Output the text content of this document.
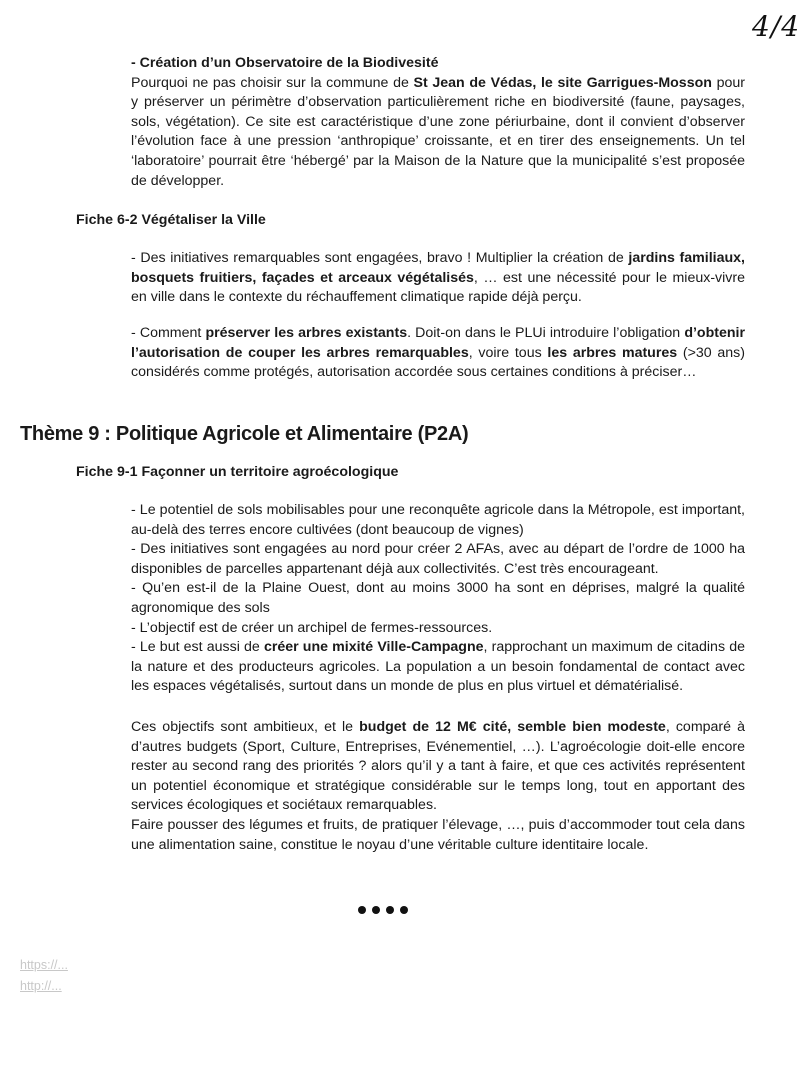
4/4

- Création d’un Observatoire de la Biodivesité

Pourquoi ne pas choisir sur la commune de St Jean de Védas, le site Garrigues-Mosson pour y préserver un périmètre d’observation particulièrement riche en biodiversité (faune, paysages, sols, végétation). Ce site est caractéristique d’une zone périurbaine, dont il convient d’observer l’évolution face à une pression ‘anthropique’ croissante, et en tirer des enseignements. Un tel ‘laboratoire’ pourrait être ‘hébergé’ par la Maison de la Nature que la municipalité s’est proposée de développer.

Fiche 6-2 Végétaliser la Ville

- Des initiatives remarquables sont engagées, bravo ! Multiplier la création de jardins familiaux, bosquets fruitiers, façades et arceaux végétalisés, … est une nécessité pour le mieux-vivre en ville dans le contexte du réchauffement climatique rapide déjà perçu.

- Comment préserver les arbres existants. Doit-on dans le PLUi introduire l’obligation d’obtenir l’autorisation de couper les arbres remarquables, voire tous les arbres matures (>30 ans) considérés comme protégés, autorisation accordée sous certaines conditions à préciser…

Thème 9 : Politique Agricole et Alimentaire (P2A)
Fiche 9-1 Façonner un territoire agroécologique

- Le potentiel de sols mobilisables pour une reconquête agricole dans la Métropole, est important, au-delà des terres encore cultivées (dont beaucoup de vignes)

- Des initiatives sont engagées au nord pour créer 2 AFAs, avec au départ de l’ordre de 1000 ha disponibles de parcelles appartenant déjà aux collectivités. C’est très encourageant.

- Qu’en est-il de la Plaine Ouest, dont au moins 3000 ha sont en déprises, malgré la qualité agronomique des sols

- L’objectif est de créer un archipel de fermes-ressources.

- Le but est aussi de créer une mixité Ville-Campagne, rapprochant un maximum de citadins de la nature et des producteurs agricoles. La population a un besoin fondamental de contact avec les espaces végétalisés, surtout dans un monde de plus en plus virtuel et dématérialisé.

Ces objectifs sont ambitieux, et le budget de 12 M€ cité, semble bien modeste, comparé à d’autres budgets (Sport, Culture, Entreprises, Evénementiel, …). L’agroécologie doit-elle encore rester au second rang des priorités ? alors qu’il y a tant à faire, et que ces activités représentent un potentiel économique et stratégique considérable sur le temps long, tout en apportant des services écologiques et sociétaux remarquables.

Faire pousser des légumes et fruits, de pratiquer l’élevage, …, puis d’accommoder tout cela dans une alimentation saine, constitue le noyau d’une véritable culture identitaire locale.

https://...
http://...
